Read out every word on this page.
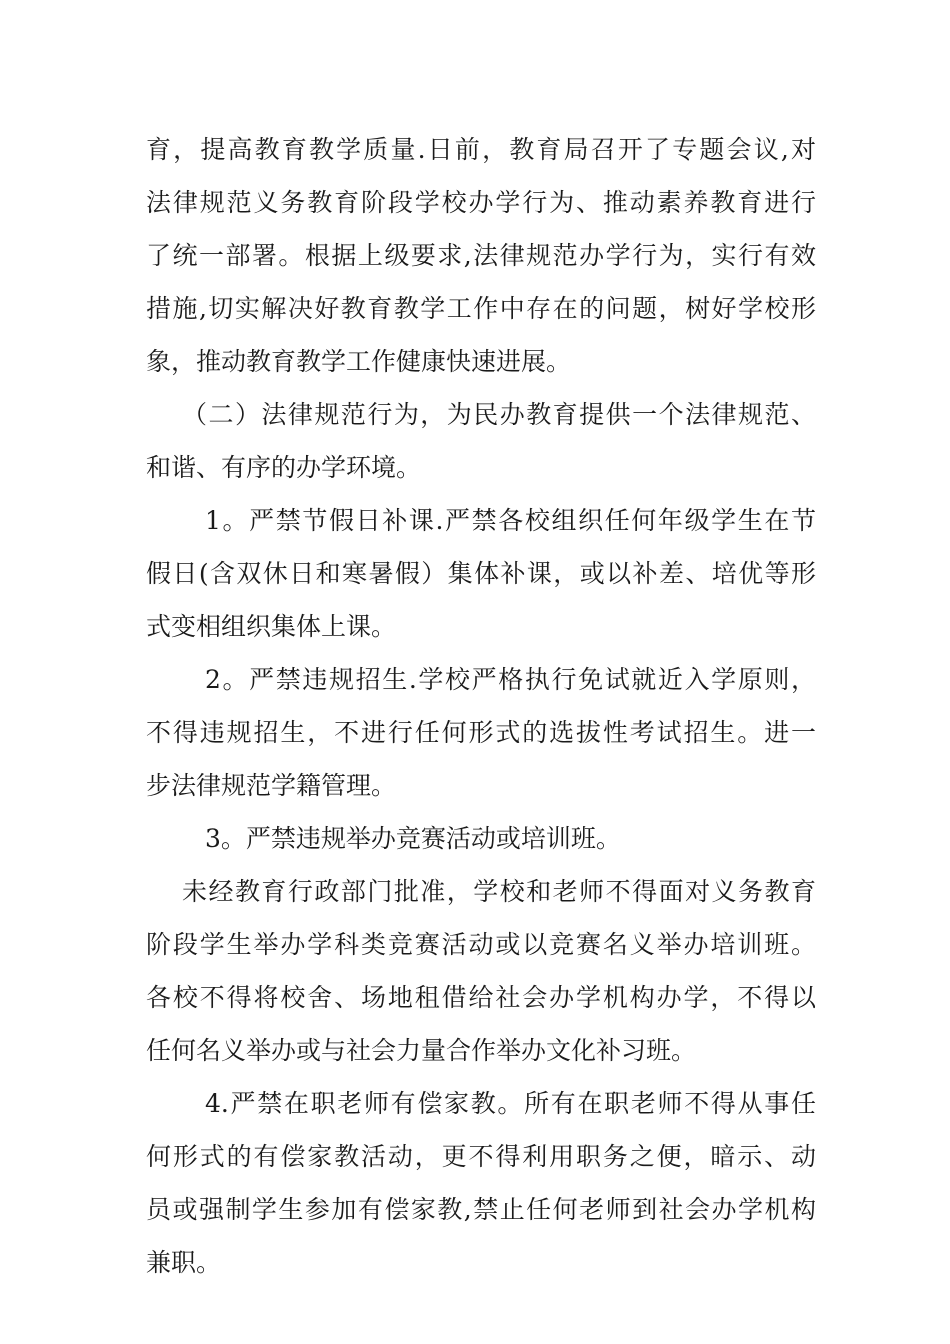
育，提高教育教学质量.日前，教育局召开了专题会议,对
法律规范义务教育阶段学校办学行为、推动素养教育进行
了统一部署。根据上级要求,法律规范办学行为，实行有效
措施,切实解决好教育教学工作中存在的问题，树好学校形
象，推动教育教学工作健康快速进展。
（二）法律规范行为，为民办教育提供一个法律规范、
和谐、有序的办学环境。
1。严禁节假日补课.严禁各校组织任何年级学生在节
假日(含双休日和寒暑假）集体补课，或以补差、培优等形
式变相组织集体上课。
2。严禁违规招生.学校严格执行免试就近入学原则，
不得违规招生，不进行任何形式的选拔性考试招生。进一
步法律规范学籍管理。
3。严禁违规举办竞赛活动或培训班。
未经教育行政部门批准，学校和老师不得面对义务教育
阶段学生举办学科类竞赛活动或以竞赛名义举办培训班。
各校不得将校舍、场地租借给社会办学机构办学，不得以
任何名义举办或与社会力量合作举办文化补习班。
4.严禁在职老师有偿家教。所有在职老师不得从事任
何形式的有偿家教活动，更不得利用职务之便，暗示、动
员或强制学生参加有偿家教,禁止任何老师到社会办学机构
兼职。
